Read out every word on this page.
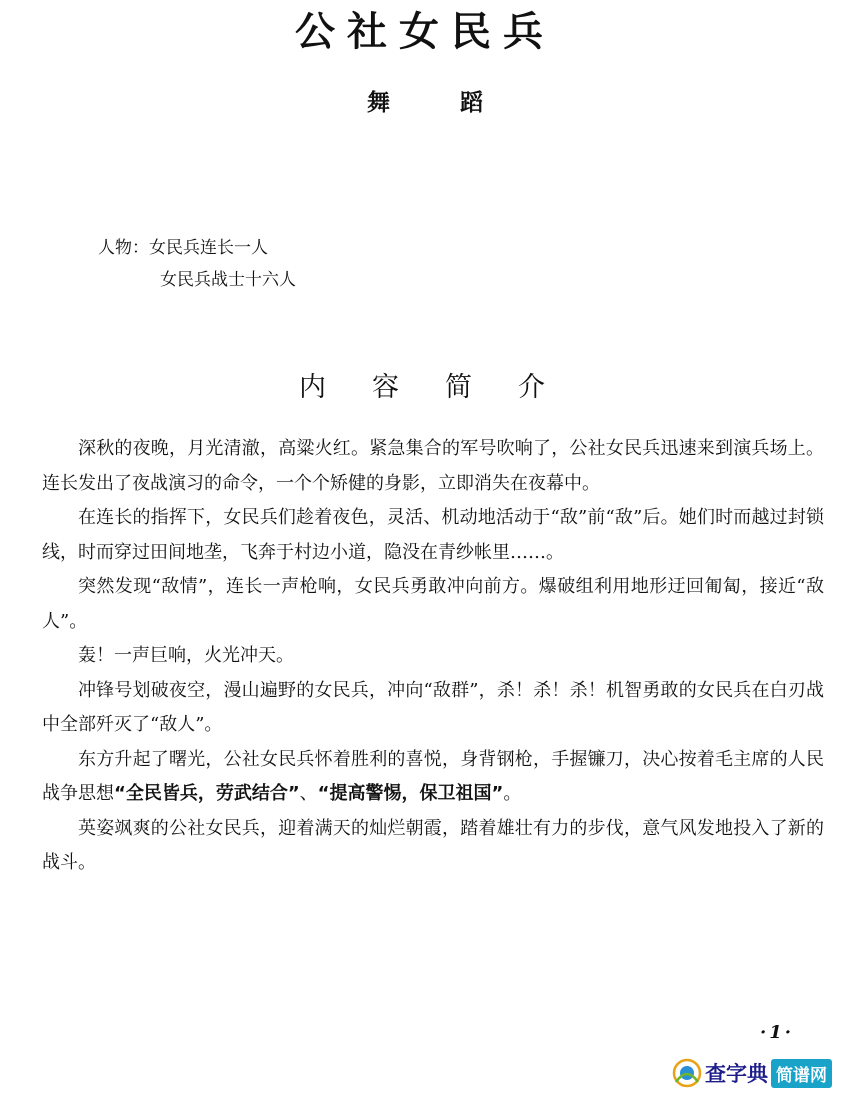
公社女民兵
舞蹈
人物：女民兵连长一人
女民兵战士十六人
内容简介

深秋的夜晚，月光清澈，高粱火红。紧急集合的军号吹响了，公社女民兵迅速来到演兵场上。连长发出了夜战演习的命令，一个个矫健的身影，立即消失在夜幕中。

在连长的指挥下，女民兵们趁着夜色，灵活、机动地活动于“敌”前“敌”后。她们时而越过封锁线，时而穿过田间地垄，飞奔于村边小道，隐没在青纱帐里……。

突然发现“敌情”，连长一声枪响，女民兵勇敢冲向前方。爆破组利用地形迂回匍匐，接近“敌人”。

轰！一声巨响，火光冲天。

冲锋号划破夜空，漫山遍野的女民兵，冲向“敌群”，杀！杀！杀！机智勇敢的女民兵在白刃战中全部歼灭了“敌人”。

东方升起了曙光，公社女民兵怀着胜利的喜悦，身背钢枪，手握镰刀，决心按着毛主席的人民战争思想“全民皆兵，劳武结合”、“提高警惕，保卫祖国”。

英姿飒爽的公社女民兵，迎着满天的灿烂朝霞，踏着雄壮有力的步伐，意气风发地投入了新的战斗。

·1·
查字典 简谱网
